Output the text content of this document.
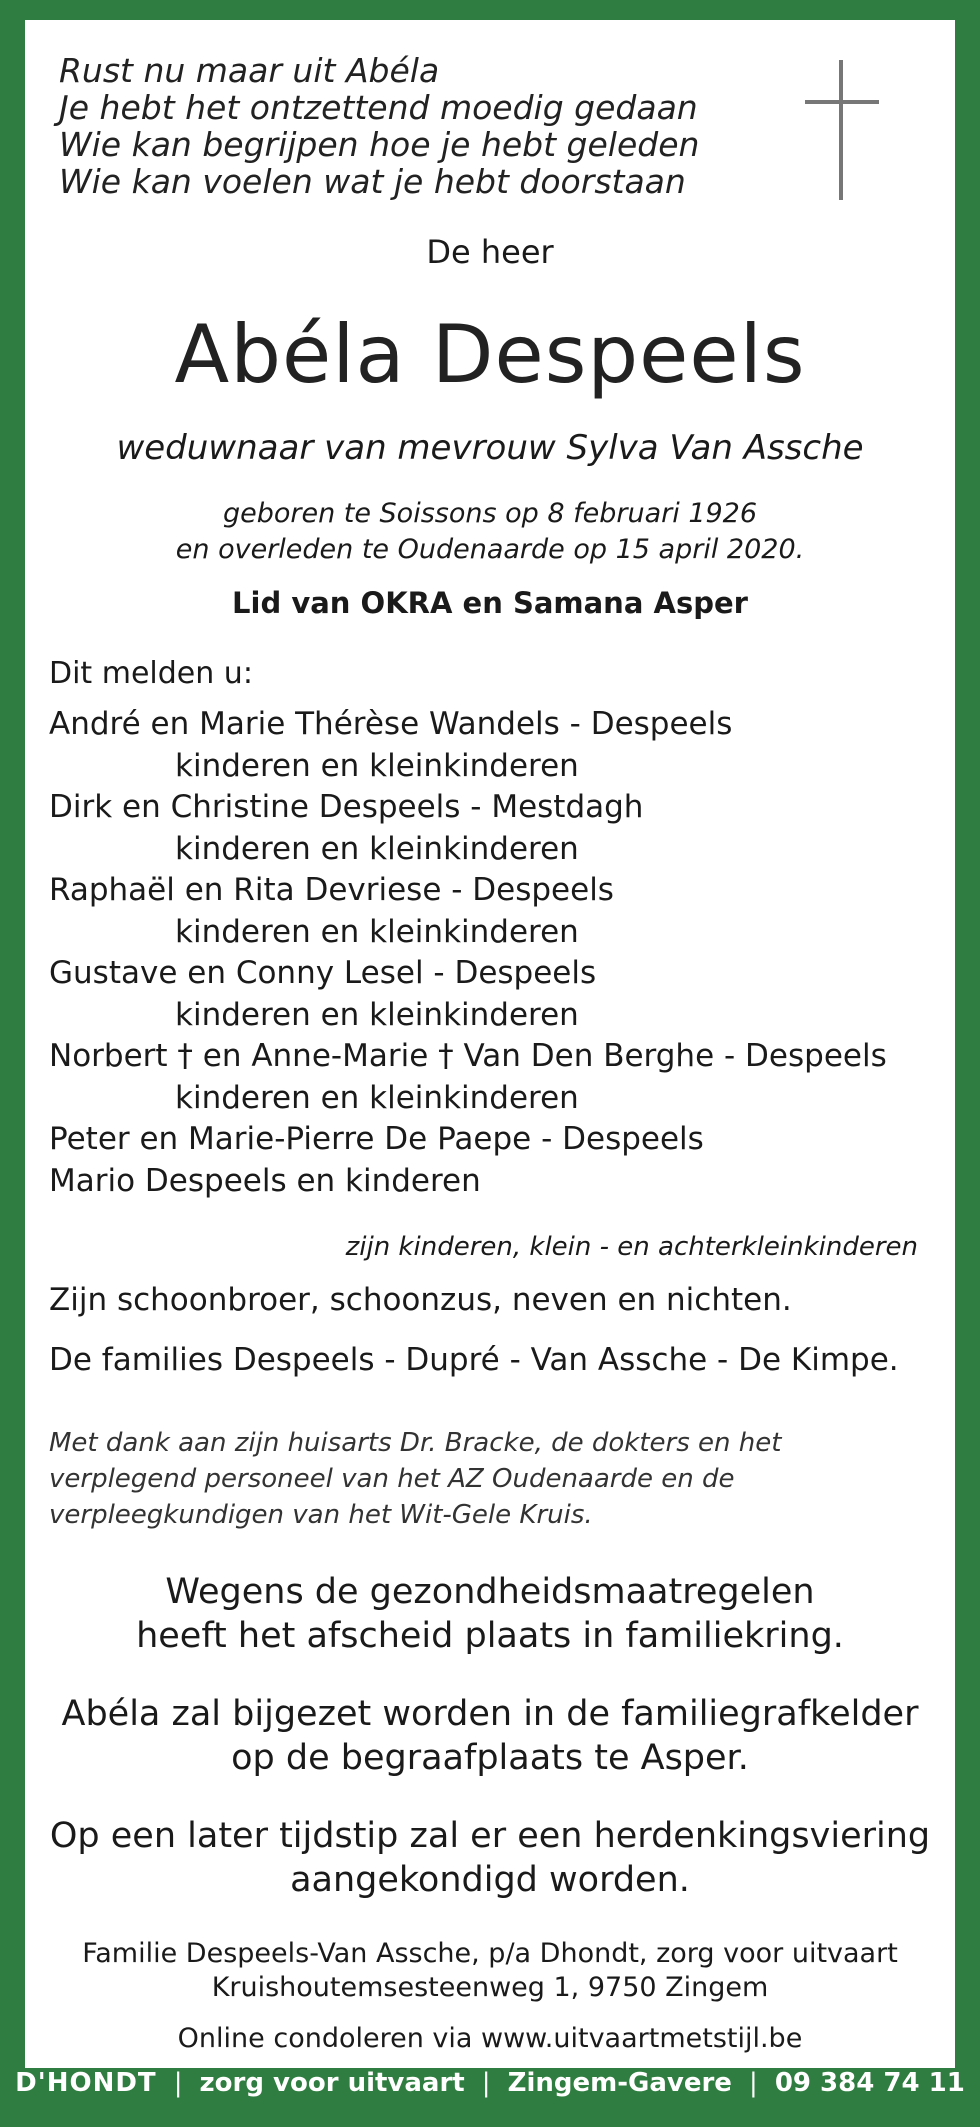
Rust nu maar uit Abéla
Je hebt het ontzettend moedig gedaan
Wie kan begrijpen hoe je hebt geleden
Wie kan voelen wat je hebt doorstaan
De heer
Abéla Despeels
weduwnaar van mevrouw Sylva Van Assche
geboren te Soissons op 8 februari 1926
en overleden te Oudenaarde op 15 april 2020.
Lid van OKRA en Samana Asper
Dit melden u:
André en Marie Thérèse Wandels - Despeels
kinderen en kleinkinderen
Dirk en Christine Despeels - Mestdagh
kinderen en kleinkinderen
Raphaël en Rita Devriese - Despeels
kinderen en kleinkinderen
Gustave en Conny Lesel - Despeels
kinderen en kleinkinderen
Norbert † en Anne-Marie † Van Den Berghe - Despeels
kinderen en kleinkinderen
Peter en Marie-Pierre De Paepe - Despeels
Mario Despeels en kinderen
zijn kinderen, klein - en achterkleinkinderen
Zijn schoonbroer, schoonzus, neven en nichten.
De families Despeels - Dupré - Van Assche - De Kimpe.
Met dank aan zijn huisarts Dr. Bracke, de dokters en het
verplegend personeel van het AZ Oudenaarde en de
verpleegkundigen van het Wit-Gele Kruis.
Wegens de gezondheidsmaatregelen
heeft het afscheid plaats in familiekring.
Abéla zal bijgezet worden in de familiegrafkelder
op de begraafplaats te Asper.
Op een later tijdstip zal er een herdenkingsviering
aangekondigd worden.
Familie Despeels-Van Assche, p/a Dhondt, zorg voor uitvaart
Kruishoutemsesteenweg 1, 9750 Zingem
Online condoleren via www.uitvaartmetstijl.be
D'HONDT | zorg voor uitvaart | Zingem-Gavere | 09 384 74 11
